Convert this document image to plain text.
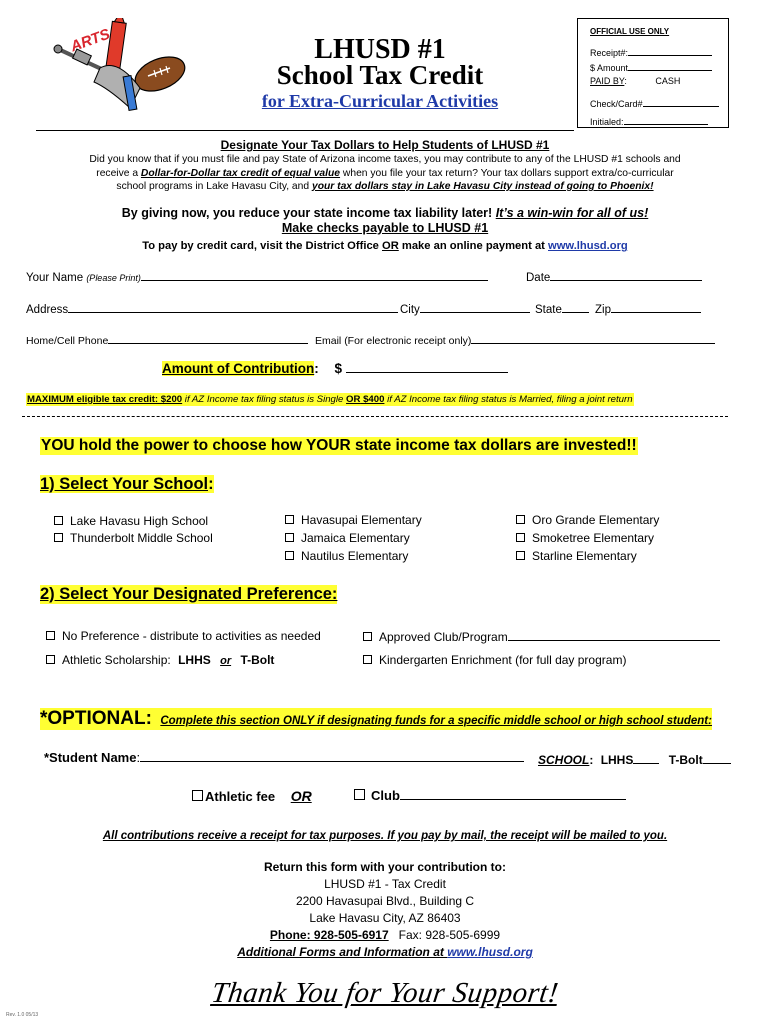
ARTS	LHUSD #1
School Tax Credit
for Extra-Curricular Activities
OFFICIAL USE ONLY
Receipt#:
$ Amount
PAID BY:	CASH
Check/Card#
Initialed:
Designate Your Tax Dollars to Help Students of LHUSD #1
Did you know that if you must file and pay State of Arizona income taxes, you may contribute to any of the LHUSD #1 schools and
receive a Dollar-for-Dollar tax credit of equal value when you file your tax return? Your tax dollars support extra/co-curricular
school programs in Lake Havasu City, and your tax dollars stay in Lake Havasu City instead of going to Phoenix!
By giving now, you reduce your state income tax liability later! It’s a win-win for all of us!
Make checks payable to LHUSD #1
To pay by credit card, visit the District Office OR make an online payment at www.lhusd.org
Your Name (Please Print)	Date
Address	City	State	Zip
Home/Cell Phone	Email (For electronic receipt only)
Amount of Contribution: $
MAXIMUM eligible tax credit: $200 if AZ Income tax filing status is Single OR $400 if AZ Income tax filing status is Married, filing a joint return
YOU hold the power to choose how YOUR state income tax dollars are invested!!
1) Select Your School:
Lake Havasu High School
Thunderbolt Middle School
Havasupai Elementary
Jamaica Elementary
Nautilus Elementary
Oro Grande Elementary
Smoketree Elementary
Starline Elementary
2) Select Your Designated Preference:
No Preference - distribute to activities as needed	Approved Club/Program
Athletic Scholarship: LHHS or T-Bolt	Kindergarten Enrichment (for full day program)
*OPTIONAL: Complete this section ONLY if designating funds for a specific middle school or high school student:
*Student Name:	SCHOOL: LHHS	T-Bolt
Athletic fee OR	Club
All contributions receive a receipt for tax purposes. If you pay by mail, the receipt will be mailed to you.
Return this form with your contribution to:
LHUSD #1 - Tax Credit
2200 Havasupai Blvd., Building C
Lake Havasu City, AZ 86403
Phone: 928-505-6917 Fax: 928-505-6999
Additional Forms and Information at www.lhusd.org
Thank You for Your Support!
Rev. 1.0 05/13
